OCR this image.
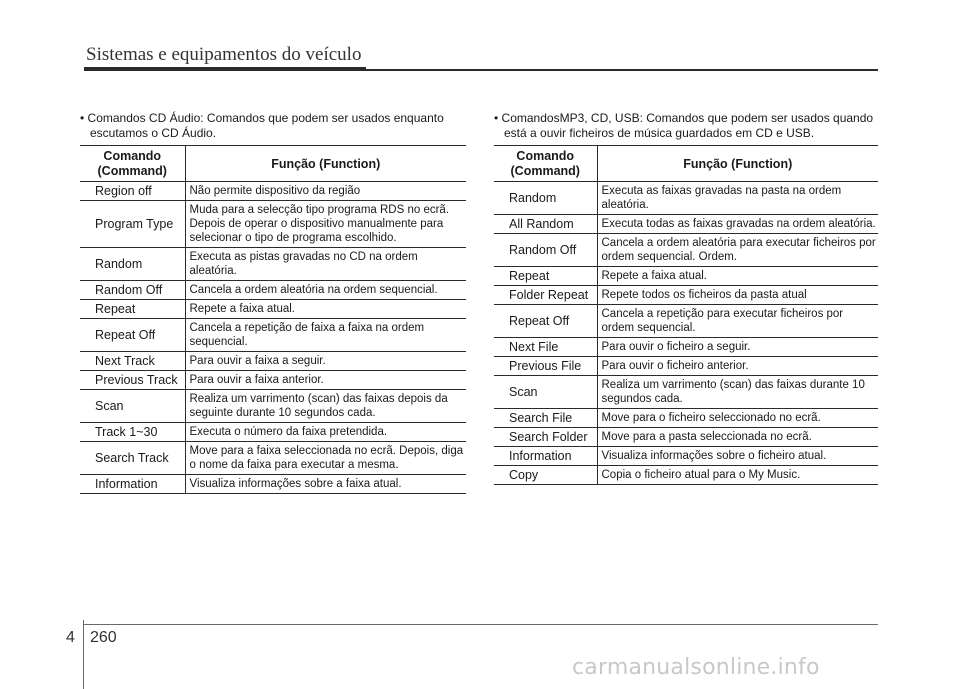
Sistemas e equipamentos do veículo

• Comandos CD Áudio: Comandos que podem ser usados enquanto escutamos o CD Áudio.

Comando (Command)	Função (Function)
Region off	Não permite dispositivo da região
Program Type	Muda para a selecção tipo programa RDS no ecrã. Depois de operar o dispositivo manualmente para selecionar o tipo de programa escolhido.
Random	Executa as pistas gravadas no CD na ordem aleatória.
Random Off	Cancela a ordem aleatória na ordem sequencial.
Repeat	Repete a faixa atual.
Repeat Off	Cancela a repetição de faixa a faixa na ordem sequencial.
Next Track	Para ouvir a faixa a seguir.
Previous Track	Para ouvir a faixa anterior.
Scan	Realiza um varrimento (scan) das faixas depois da seguinte durante 10 segundos cada.
Track 1~30	Executa o número da faixa pretendida.
Search Track	Move para a faixa seleccionada no ecrã. Depois, diga o nome da faixa para executar a mesma.
Information	Visualiza informações sobre a faixa atual.

• ComandosMP3, CD, USB: Comandos que podem ser usados quando está a ouvir ficheiros de música guardados em CD e USB.

Comando (Command)	Função (Function)
Random	Executa as faixas gravadas na pasta na ordem aleatória.
All Random	Executa todas as faixas gravadas na ordem aleatória.
Random Off	Cancela a ordem aleatória para executar ficheiros por ordem sequencial. Ordem.
Repeat	Repete a faixa atual.
Folder Repeat	Repete todos os ficheiros da pasta atual
Repeat Off	Cancela a repetição para executar ficheiros por ordem sequencial.
Next File	Para ouvir o ficheiro a seguir.
Previous File	Para ouvir o ficheiro anterior.
Scan	Realiza um varrimento (scan) das faixas durante 10 segundos cada.
Search File	Move para o ficheiro seleccionado no ecrã.
Search Folder	Move para a pasta seleccionada no ecrã.
Information	Visualiza informações sobre o ficheiro atual.
Copy	Copia o ficheiro atual para o My Music.
4 260
carmanualsonline.info
